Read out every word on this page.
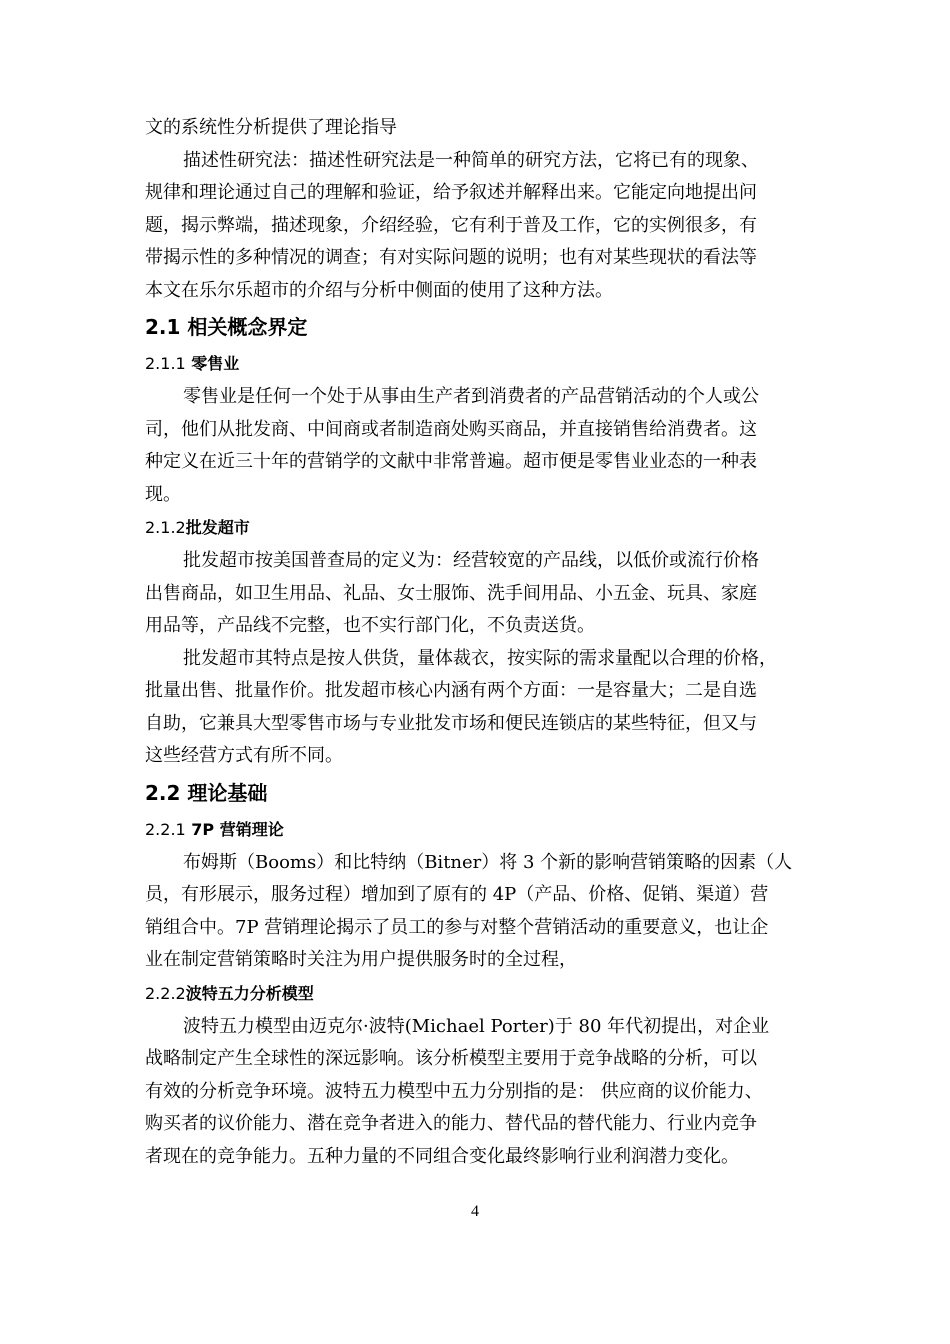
文的系统性分析提供了理论指导
描述性研究法：描述性研究法是一种简单的研究方法，它将已有的现象、
规律和理论通过自己的理解和验证，给予叙述并解释出来。它能定向地提出问
题，揭示弊端，描述现象，介绍经验，它有利于普及工作，它的实例很多，有
带揭示性的多种情况的调查；有对实际问题的说明；也有对某些现状的看法等
本文在乐尔乐超市的介绍与分析中侧面的使用了这种方法。
2.1 相关概念界定
2.1.1 零售业
零售业是任何一个处于从事由生产者到消费者的产品营销活动的个人或公
司，他们从批发商、中间商或者制造商处购买商品，并直接销售给消费者。这
种定义在近三十年的营销学的文献中非常普遍。超市便是零售业业态的一种表
现。
2.1.2批发超市
批发超市按美国普查局的定义为：经营较宽的产品线，以低价或流行价格
出售商品，如卫生用品、礼品、女士服饰、洗手间用品、小五金、玩具、家庭
用品等，产品线不完整，也不实行部门化，不负责送货。
批发超市其特点是按人供货，量体裁衣，按实际的需求量配以合理的价格，
批量出售、批量作价。批发超市核心内涵有两个方面：一是容量大；二是自选
自助，它兼具大型零售市场与专业批发市场和便民连锁店的某些特征，但又与
这些经营方式有所不同。
2.2 理论基础
2.2.1 7P 营销理论
布姆斯（Booms）和比特纳（Bitner）将 3 个新的影响营销策略的因素（人
员，有形展示，服务过程）增加到了原有的 4P（产品、价格、促销、渠道）营
销组合中。7P 营销理论揭示了员工的参与对整个营销活动的重要意义，也让企
业在制定营销策略时关注为用户提供服务时的全过程，
2.2.2波特五力分析模型
波特五力模型由迈克尔·波特(Michael Porter)于 80 年代初提出，对企业
战略制定产生全球性的深远影响。该分析模型主要用于竞争战略的分析，可以
有效的分析竞争环境。波特五力模型中五力分别指的是： 供应商的议价能力、
购买者的议价能力、潜在竞争者进入的能力、替代品的替代能力、行业内竞争
者现在的竞争能力。五种力量的不同组合变化最终影响行业利润潜力变化。
4
